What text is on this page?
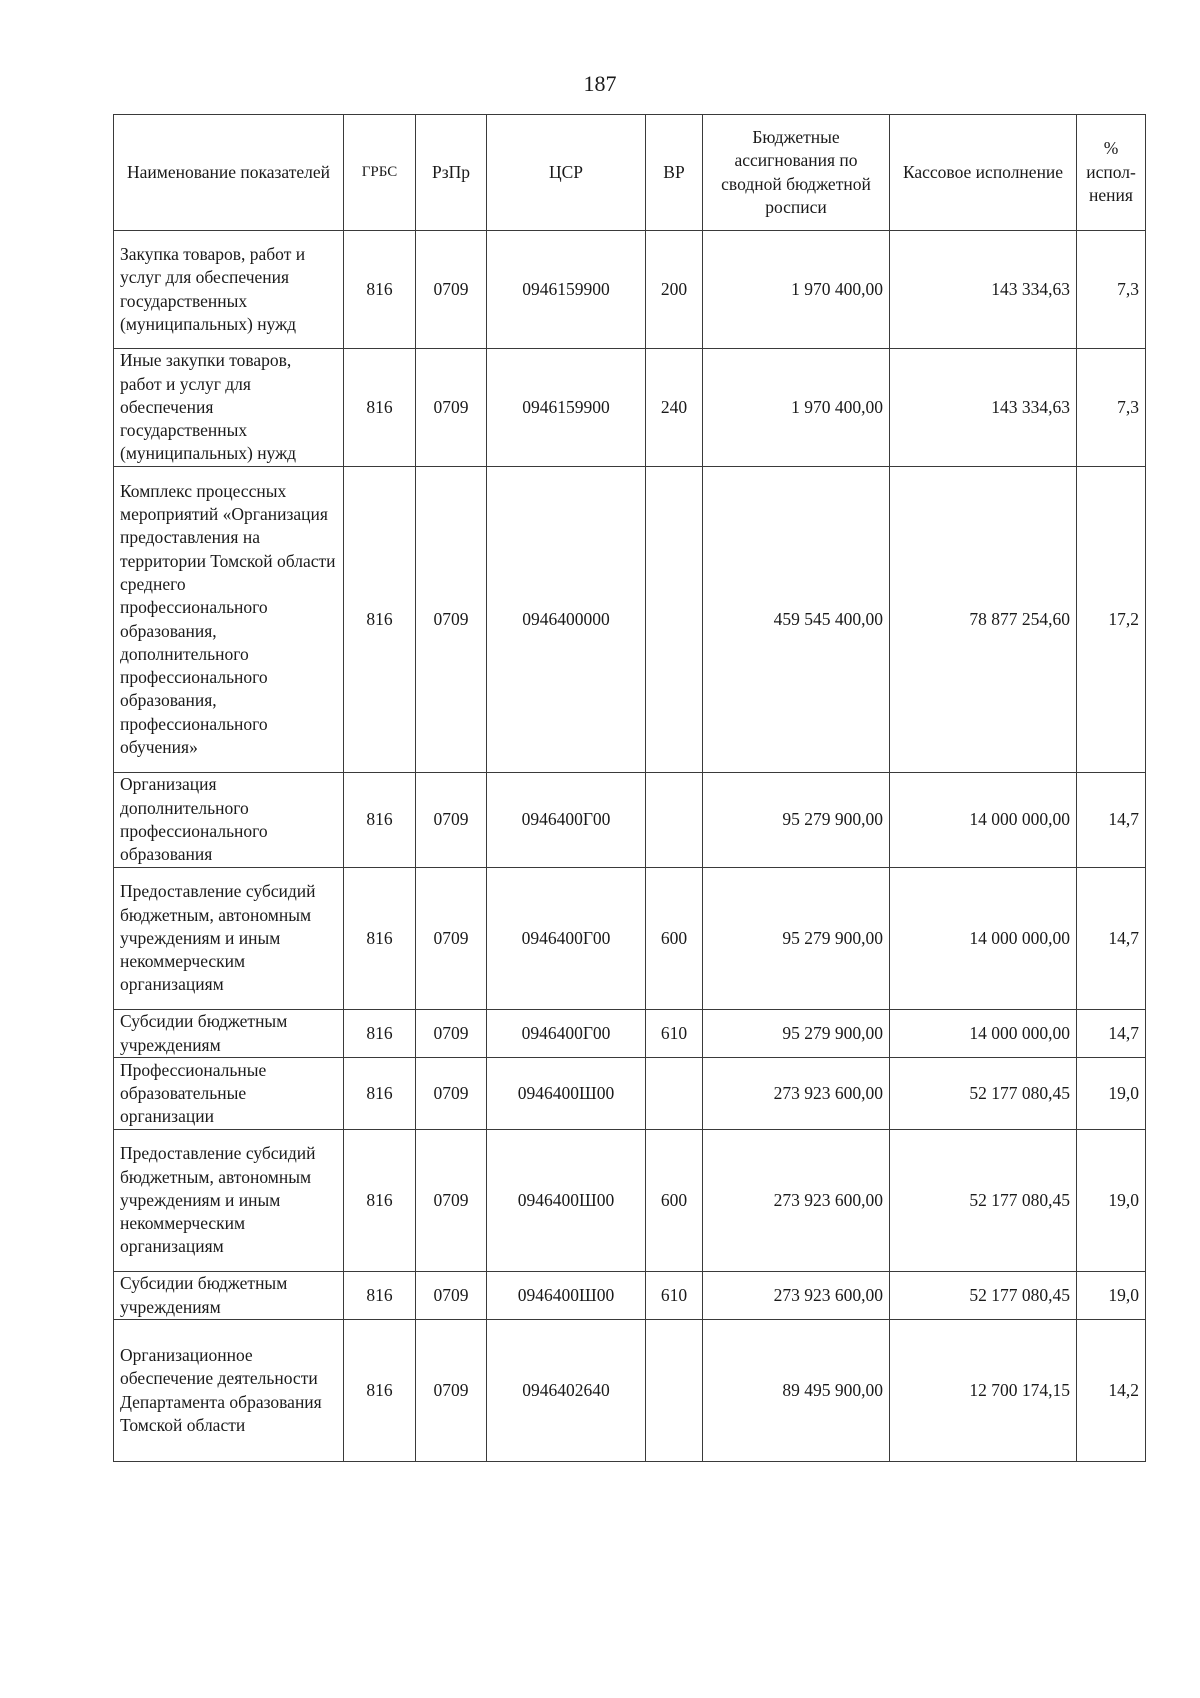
187
Наименование показателей	ГРБС	РзПр	ЦСР	ВР	Бюджетные ассигнования по сводной бюджетной росписи	Кассовое исполнение	% испол-нения
Закупка товаров, работ и услуг для обеспечения государственных (муниципальных) нужд	816	0709	0946159900	200	1 970 400,00	143 334,63	7,3
Иные закупки товаров, работ и услуг для обеспечения государственных (муниципальных) нужд	816	0709	0946159900	240	1 970 400,00	143 334,63	7,3
Комплекс процессных мероприятий «Организация предоставления на территории Томской области среднего профессионального образования, дополнительного профессионального образования, профессионального обучения»	816	0709	0946400000		459 545 400,00	78 877 254,60	17,2
Организация дополнительного профессионального образования	816	0709	0946400Г00		95 279 900,00	14 000 000,00	14,7
Предоставление субсидий бюджетным, автономным учреждениям и иным некоммерческим организациям	816	0709	0946400Г00	600	95 279 900,00	14 000 000,00	14,7
Субсидии бюджетным учреждениям	816	0709	0946400Г00	610	95 279 900,00	14 000 000,00	14,7
Профессиональные образовательные организации	816	0709	0946400Ш00		273 923 600,00	52 177 080,45	19,0
Предоставление субсидий бюджетным, автономным учреждениям и иным некоммерческим организациям	816	0709	0946400Ш00	600	273 923 600,00	52 177 080,45	19,0
Субсидии бюджетным учреждениям	816	0709	0946400Ш00	610	273 923 600,00	52 177 080,45	19,0
Организационное обеспечение деятельности Департамента образования Томской области	816	0709	0946402640		89 495 900,00	12 700 174,15	14,2
